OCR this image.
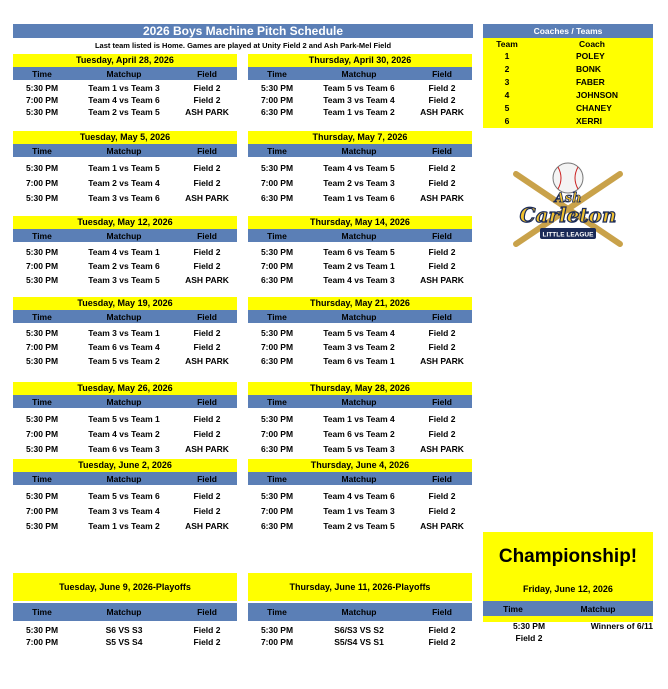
2026 Boys Machine Pitch Schedule
Last team listed is Home. Games are played at Unity Field 2 and Ash Park-Mel Field
Coaches / Teams
Team	Coach
1	POLEY
2	BONK
3	FABER
4	JOHNSON
5	CHANEY
6	XERRI
Ash
Carleton
LITTLE LEAGUE
Championship!
Friday, June 12, 2026
Time	Matchup
5:30 PM	Winners of 6/11
Field 2
Tuesday, April 28, 2026
Time	Matchup	Field
5:30 PM	Team 1 vs Team 3	Field 2
7:00 PM	Team 4 vs Team 6	Field 2
5:30 PM	Team 2 vs Team 5	ASH PARK
Thursday, April 30, 2026
Time	Matchup	Field
5:30 PM	Team 5 vs Team 6	Field 2
7:00 PM	Team 3 vs Team 4	Field 2
6:30 PM	Team 1 vs Team 2	ASH PARK
Tuesday, May 5, 2026
Time	Matchup	Field
5:30 PM	Team 1 vs Team 5	Field 2
7:00 PM	Team 2 vs Team 4	Field 2
5:30 PM	Team 3 vs Team 6	ASH PARK
Thursday, May 7, 2026
Time	Matchup	Field
5:30 PM	Team 4 vs Team 5	Field 2
7:00 PM	Team 2 vs Team 3	Field 2
6:30 PM	Team 1 vs Team 6	ASH PARK
Tuesday, May 12, 2026
Time	Matchup	Field
5:30 PM	Team 4 vs Team 1	Field 2
7:00 PM	Team 2 vs Team 6	Field 2
5:30 PM	Team 3 vs Team 5	ASH PARK
Thursday, May 14, 2026
Time	Matchup	Field
5:30 PM	Team 6 vs Team 5	Field 2
7:00 PM	Team 2 vs Team 1	Field 2
6:30 PM	Team 4 vs Team 3	ASH PARK
Tuesday, May 19, 2026
Time	Matchup	Field
5:30 PM	Team 3 vs Team 1	Field 2
7:00 PM	Team 6 vs Team 4	Field 2
5:30 PM	Team 5 vs Team 2	ASH PARK
Thursday, May 21, 2026
Time	Matchup	Field
5:30 PM	Team 5 vs Team 4	Field 2
7:00 PM	Team 3 vs Team 2	Field 2
6:30 PM	Team 6 vs Team 1	ASH PARK
Tuesday, May 26, 2026
Time	Matchup	Field
5:30 PM	Team 5 vs Team 1	Field 2
7:00 PM	Team 4 vs Team 2	Field 2
5:30 PM	Team 6 vs Team 3	ASH PARK
Thursday, May 28, 2026
Time	Matchup	Field
5:30 PM	Team 1 vs Team 4	Field 2
7:00 PM	Team 6 vs Team 2	Field 2
6:30 PM	Team 5 vs Team 3	ASH PARK
Tuesday, June 2, 2026
Time	Matchup	Field
5:30 PM	Team 5 vs Team 6	Field 2
7:00 PM	Team 3 vs Team 4	Field 2
5:30 PM	Team 1 vs Team 2	ASH PARK
Thursday, June 4, 2026
Time	Matchup	Field
5:30 PM	Team 4 vs Team 6	Field 2
7:00 PM	Team 1 vs Team 3	Field 2
6:30 PM	Team 2 vs Team 5	ASH PARK
Tuesday, June 9, 2026-Playoffs
Time	Matchup	Field
5:30 PM	S6 VS S3	Field 2
7:00 PM	S5 VS S4	Field 2
Thursday, June 11, 2026-Playoffs
Time	Matchup	Field
5:30 PM	S6/S3 VS S2	Field 2
7:00 PM	S5/S4 VS S1	Field 2
